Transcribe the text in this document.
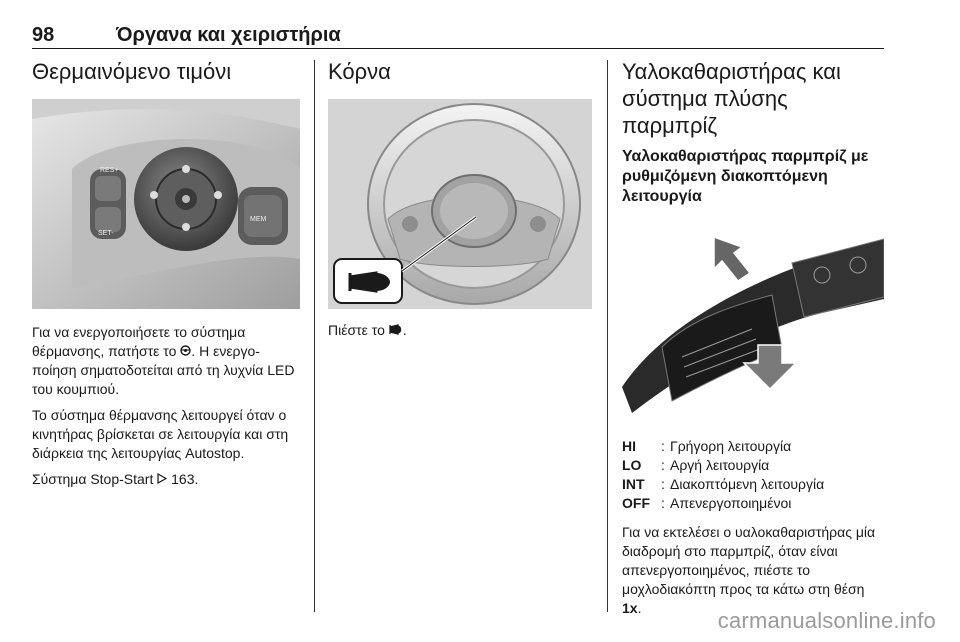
98	Όργανα και χειριστήρια
Θερμαινόμενο τιμόνι
RES+
SET-
MEM

Για να ενεργοποιήσετε το σύστημα θέρμανσης, πατήστε το . Η ενεργο-ποίηση σηματοδοτείται από τη λυχνία LED του κουμπιού.

Το σύστημα θέρμανσης λειτουργεί όταν ο κινητήρας βρίσκεται σε λειτουργία και στη διάρκεια της λειτουργίας Autostop.

Σύστημα Stop-Start  163.

Κόρνα

Πιέστε το .

Υαλοκαθαριστήρας και
σύστημα πλύσης παρμπρίζ
Υαλοκαθαριστήρας παρμπρίζ με ρυθμιζόμενη διακοπτόμενη λειτουργία
HI	:	Γρήγορη λειτουργία
LO	:	Αργή λειτουργία
INT	:	Διακοπτόμενη λειτουργία
OFF	:	Απενεργοποιημένοι

Για να εκτελέσει ο υαλοκαθαριστήρας μία διαδρομή στο παρμπρίζ, όταν είναι απενεργοποιημένος, πιέστε το μοχλοδιακόπτη προς τα κάτω στη θέση 1x.	carmanualsonline.info
